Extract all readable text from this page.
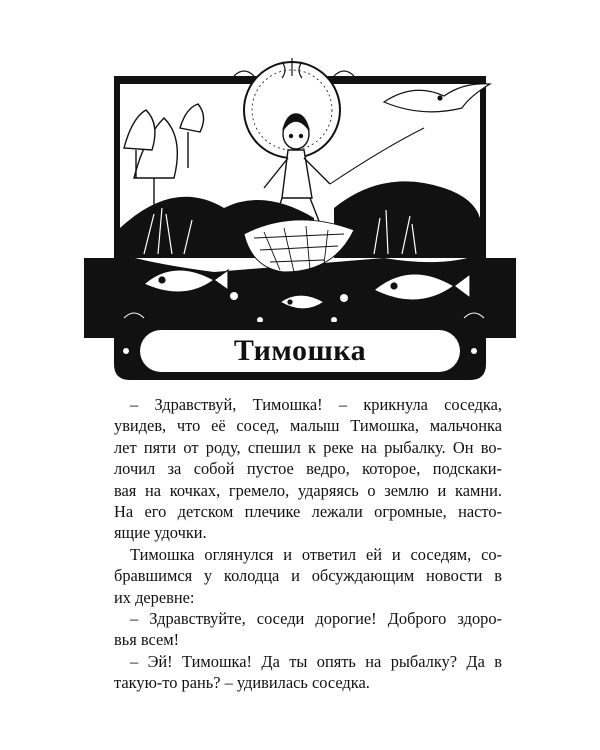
Тимошка

– Здравствуй, Тимошка! – крикнула соседка,
увидев, что её сосед, малыш Тимошка, мальчонка
лет пяти от роду, спешил к реке на рыбалку. Он во-
лочил за собой пустое ведро, которое, подскаки-
вая на кочках, гремело, ударяясь о землю и камни.
На его детском плечике лежали огромные, насто-
ящие удочки.

Тимошка оглянулся и ответил ей и соседям, со-
бравшимся у колодца и обсуждающим новости в
их деревне:

– Здравствуйте, соседи дорогие! Доброго здоро-
вья всем!

– Эй! Тимошка! Да ты опять на рыбалку? Да в
такую-то рань? – удивилась соседка.
